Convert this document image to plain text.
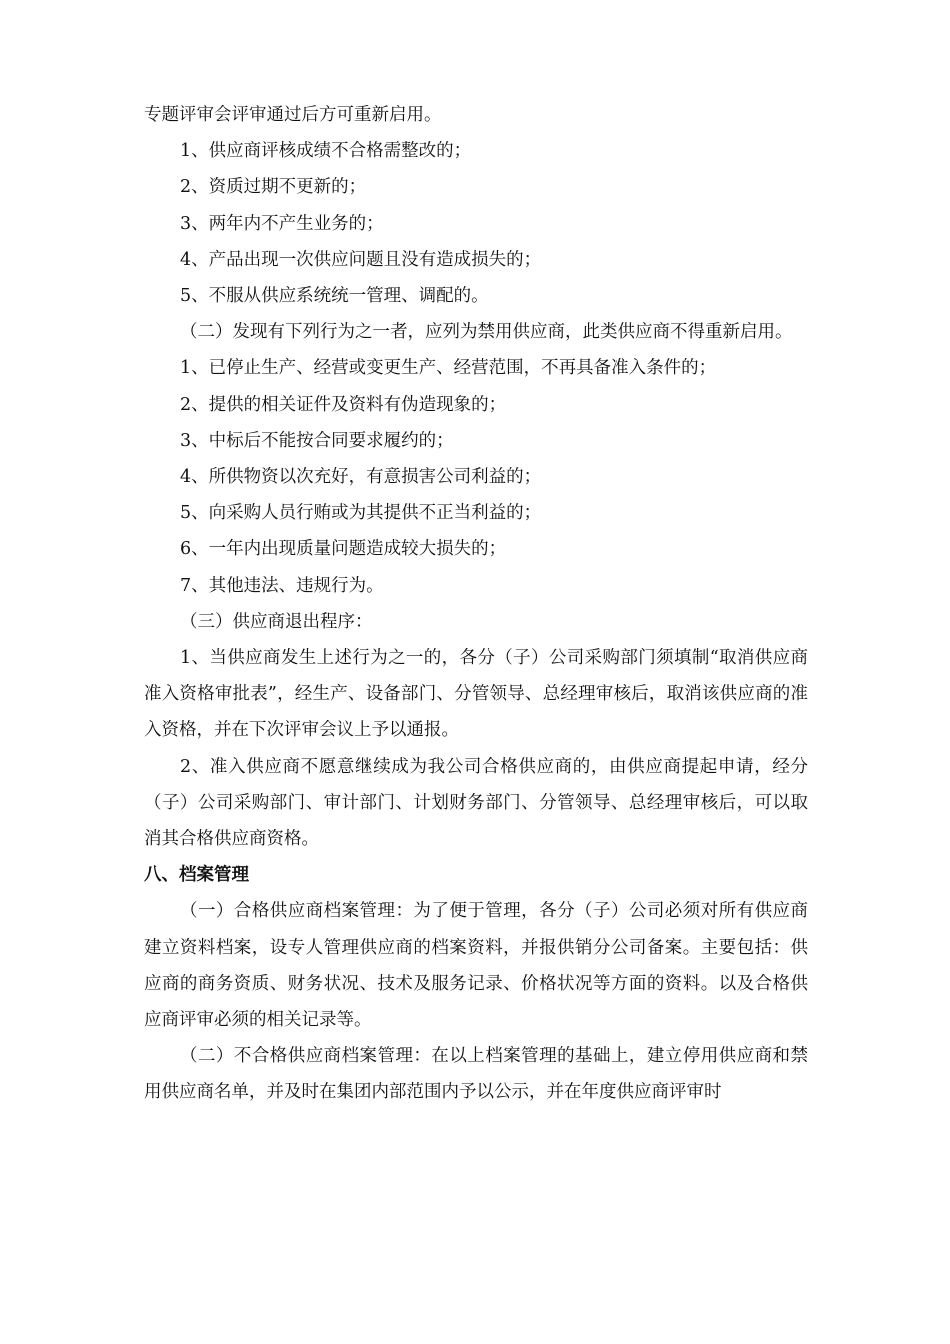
专题评审会评审通过后方可重新启用。

1、供应商评核成绩不合格需整改的；

2、资质过期不更新的；

3、两年内不产生业务的；

4、产品出现一次供应问题且没有造成损失的；

5、不服从供应系统统一管理、调配的。

（二）发现有下列行为之一者，应列为禁用供应商，此类供应商不得重新启用。

1、已停止生产、经营或变更生产、经营范围，不再具备准入条件的；

2、提供的相关证件及资料有伪造现象的；

3、中标后不能按合同要求履约的；

4、所供物资以次充好，有意损害公司利益的；

5、向采购人员行贿或为其提供不正当利益的；

6、一年内出现质量问题造成较大损失的；

7、其他违法、违规行为。

（三）供应商退出程序：

1、当供应商发生上述行为之一的，各分（子）公司采购部门须填制“取消供应商准入资格审批表”，经生产、设备部门、分管领导、总经理审核后，取消该供应商的准入资格，并在下次评审会议上予以通报。

2、准入供应商不愿意继续成为我公司合格供应商的，由供应商提起申请，经分（子）公司采购部门、审计部门、计划财务部门、分管领导、总经理审核后，可以取消其合格供应商资格。

八、档案管理

（一）合格供应商档案管理：为了便于管理，各分（子）公司必须对所有供应商建立资料档案，设专人管理供应商的档案资料，并报供销分公司备案。主要包括：供应商的商务资质、财务状况、技术及服务记录、价格状况等方面的资料。以及合格供应商评审必须的相关记录等。

（二）不合格供应商档案管理：在以上档案管理的基础上，建立停用供应商和禁用供应商名单，并及时在集团内部范围内予以公示，并在年度供应商评审时
